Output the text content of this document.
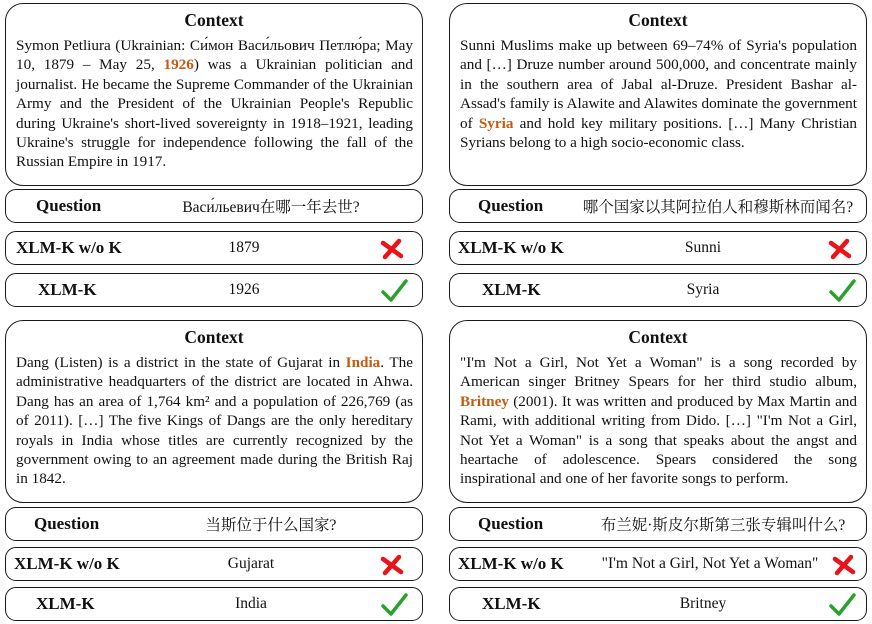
Context

Symon Petliura (Ukrainian: Си́мон Васи́льович Петлю́ра; May 10, 1879 – May 25, 1926) was a Ukrainian politician and journalist. He became the Supreme Commander of the Ukrainian Army and the President of the Ukrainian People's Republic during Ukraine's short-lived sovereignty in 1918–1921, leading Ukraine's struggle for independence following the fall of the Russian Empire in 1917.

Question	Васи́льевич在哪一年去世?
XLM-K w/o K	1879
XLM-K	1926
Context

Sunni Muslims make up between 69–74% of Syria's population and […] Druze number around 500,000, and concentrate mainly in the southern area of Jabal al-Druze. President Bashar al-Assad's family is Alawite and Alawites dominate the government of Syria and hold key military positions. […] Many Christian Syrians belong to a high socio-economic class.

Question	哪个国家以其阿拉伯人和穆斯林而闻名?
XLM-K w/o K	Sunni
XLM-K	Syria
Context

Dang (Listen) is a district in the state of Gujarat in India. The administrative headquarters of the district are located in Ahwa. Dang has an area of 1,764 km² and a population of 226,769 (as of 2011). […] The five Kings of Dangs are the only hereditary royals in India whose titles are currently recognized by the government owing to an agreement made during the British Raj in 1842.

Question	当斯位于什么国家?
XLM-K w/o K	Gujarat
XLM-K	India
Context

"I'm Not a Girl, Not Yet a Woman" is a song recorded by American singer Britney Spears for her third studio album, Britney (2001). It was written and produced by Max Martin and Rami, with additional writing from Dido. […] "I'm Not a Girl, Not Yet a Woman" is a song that speaks about the angst and heartache of adolescence. Spears considered the song inspirational and one of her favorite songs to perform.

Question	布兰妮·斯皮尔斯第三张专辑叫什么?
XLM-K w/o K	"I'm Not a Girl, Not Yet a Woman"
XLM-K	Britney
